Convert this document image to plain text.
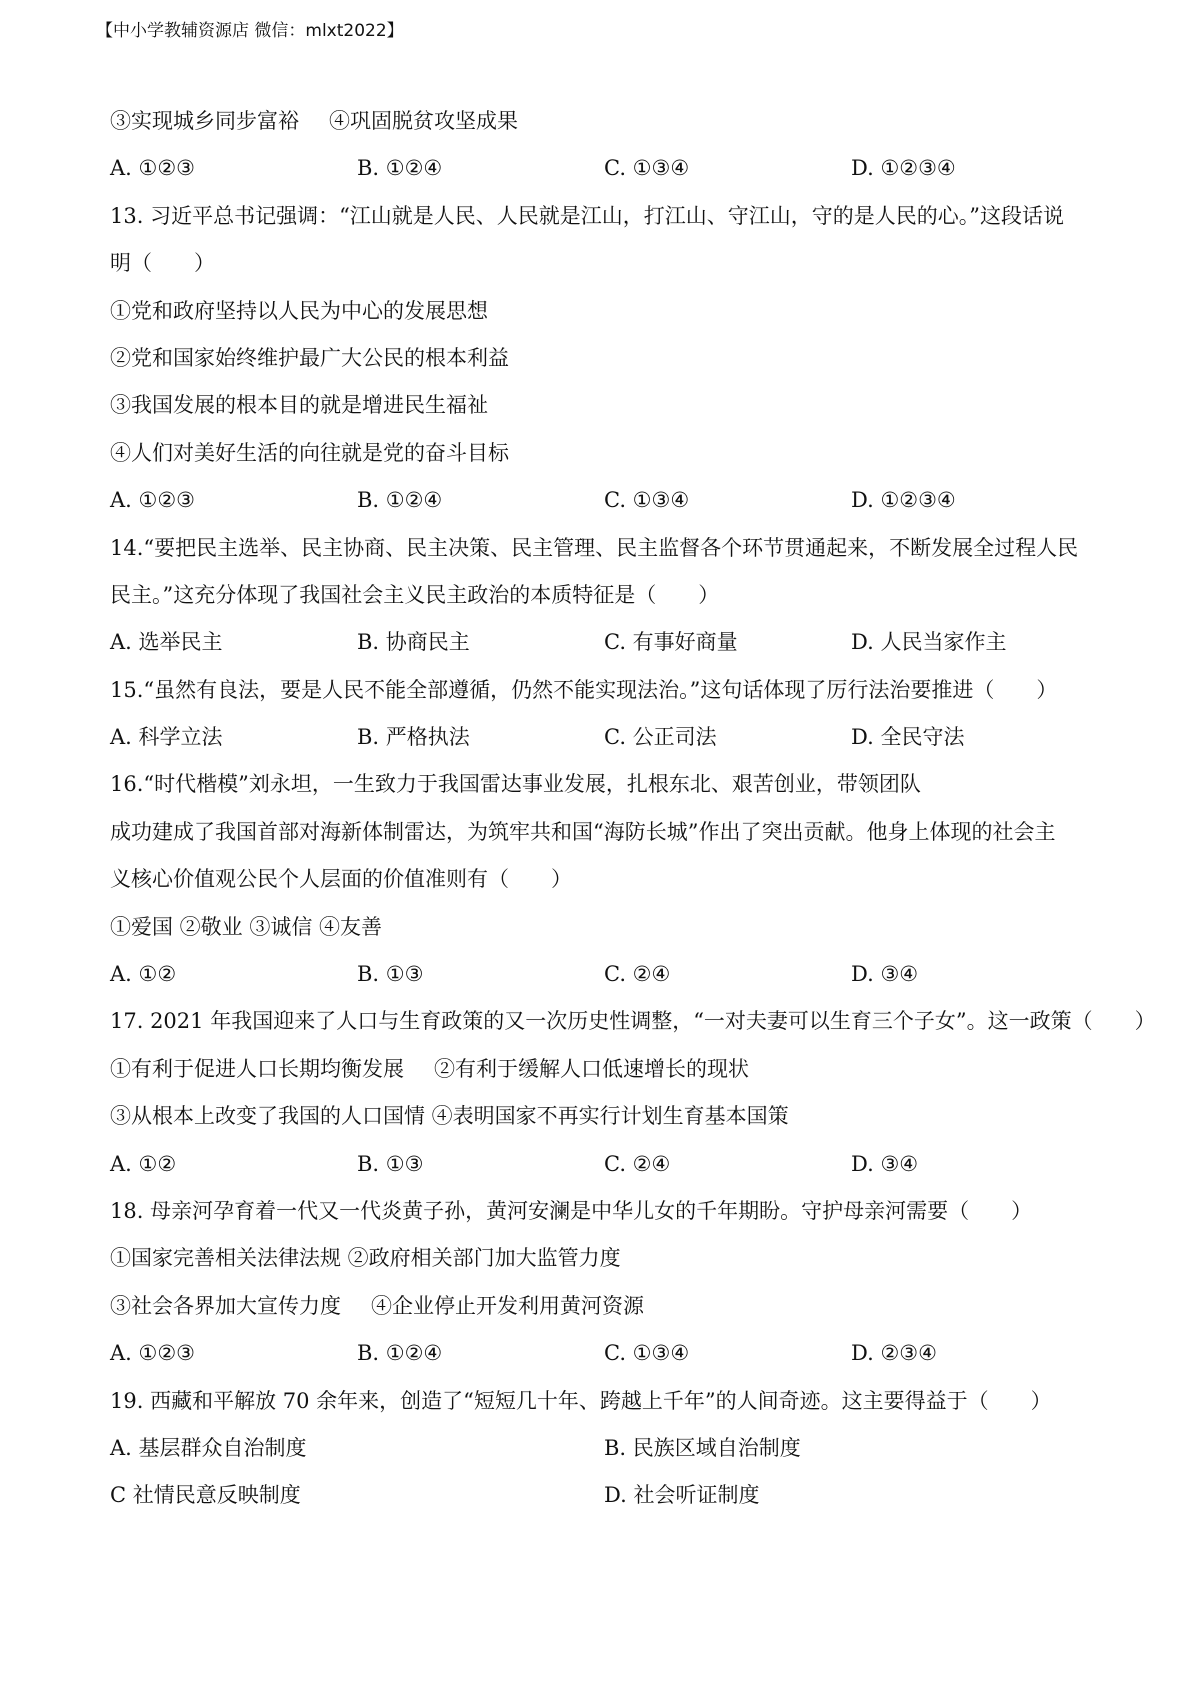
【中小学教辅资源店 微信：mlxt2022】
③实现城乡同步富裕 ④巩固脱贫攻坚成果
A. ①②③	B. ①②④	C. ①③④	D. ①②③④
13. 习近平总书记强调：“江山就是人民、人民就是江山，打江山、守江山，守的是人民的心。”这段话说
明（　　）
①党和政府坚持以人民为中心的发展思想
②党和国家始终维护最广大公民的根本利益
③我国发展的根本目的就是增进民生福祉
④人们对美好生活的向往就是党的奋斗目标
A. ①②③	B. ①②④	C. ①③④	D. ①②③④
14.“要把民主选举、民主协商、民主决策、民主管理、民主监督各个环节贯通起来，不断发展全过程人民
民主。”这充分体现了我国社会主义民主政治的本质特征是（　　）
A. 选举民主	B. 协商民主	C. 有事好商量	D. 人民当家作主
15.“虽然有良法，要是人民不能全部遵循，仍然不能实现法治。”这句话体现了厉行法治要推进（　　）
A. 科学立法	B. 严格执法	C. 公正司法	D. 全民守法
16.“时代楷模”刘永坦，一生致力于我国雷达事业发展，扎根东北、艰苦创业，带领团队
成功建成了我国首部对海新体制雷达，为筑牢共和国“海防长城”作出了突出贡献。他身上体现的社会主
义核心价值观公民个人层面的价值准则有（　　）
①爱国 ②敬业 ③诚信 ④友善
A. ①②	B. ①③	C. ②④	D. ③④
17. 2021 年我国迎来了人口与生育政策的又一次历史性调整，“一对夫妻可以生育三个子女”。这一政策（　　）
①有利于促进人口长期均衡发展 ②有利于缓解人口低速增长的现状
③从根本上改变了我国的人口国情 ④表明国家不再实行计划生育基本国策
A. ①②	B. ①③	C. ②④	D. ③④
18. 母亲河孕育着一代又一代炎黄子孙，黄河安澜是中华儿女的千年期盼。守护母亲河需要（　　）
①国家完善相关法律法规 ②政府相关部门加大监管力度
③社会各界加大宣传力度 ④企业停止开发利用黄河资源
A. ①②③	B. ①②④	C. ①③④	D. ②③④
19. 西藏和平解放 70 余年来，创造了“短短几十年、跨越上千年”的人间奇迹。这主要得益于（　　）
A. 基层群众自治制度	B. 民族区域自治制度
C 社情民意反映制度	D. 社会听证制度
